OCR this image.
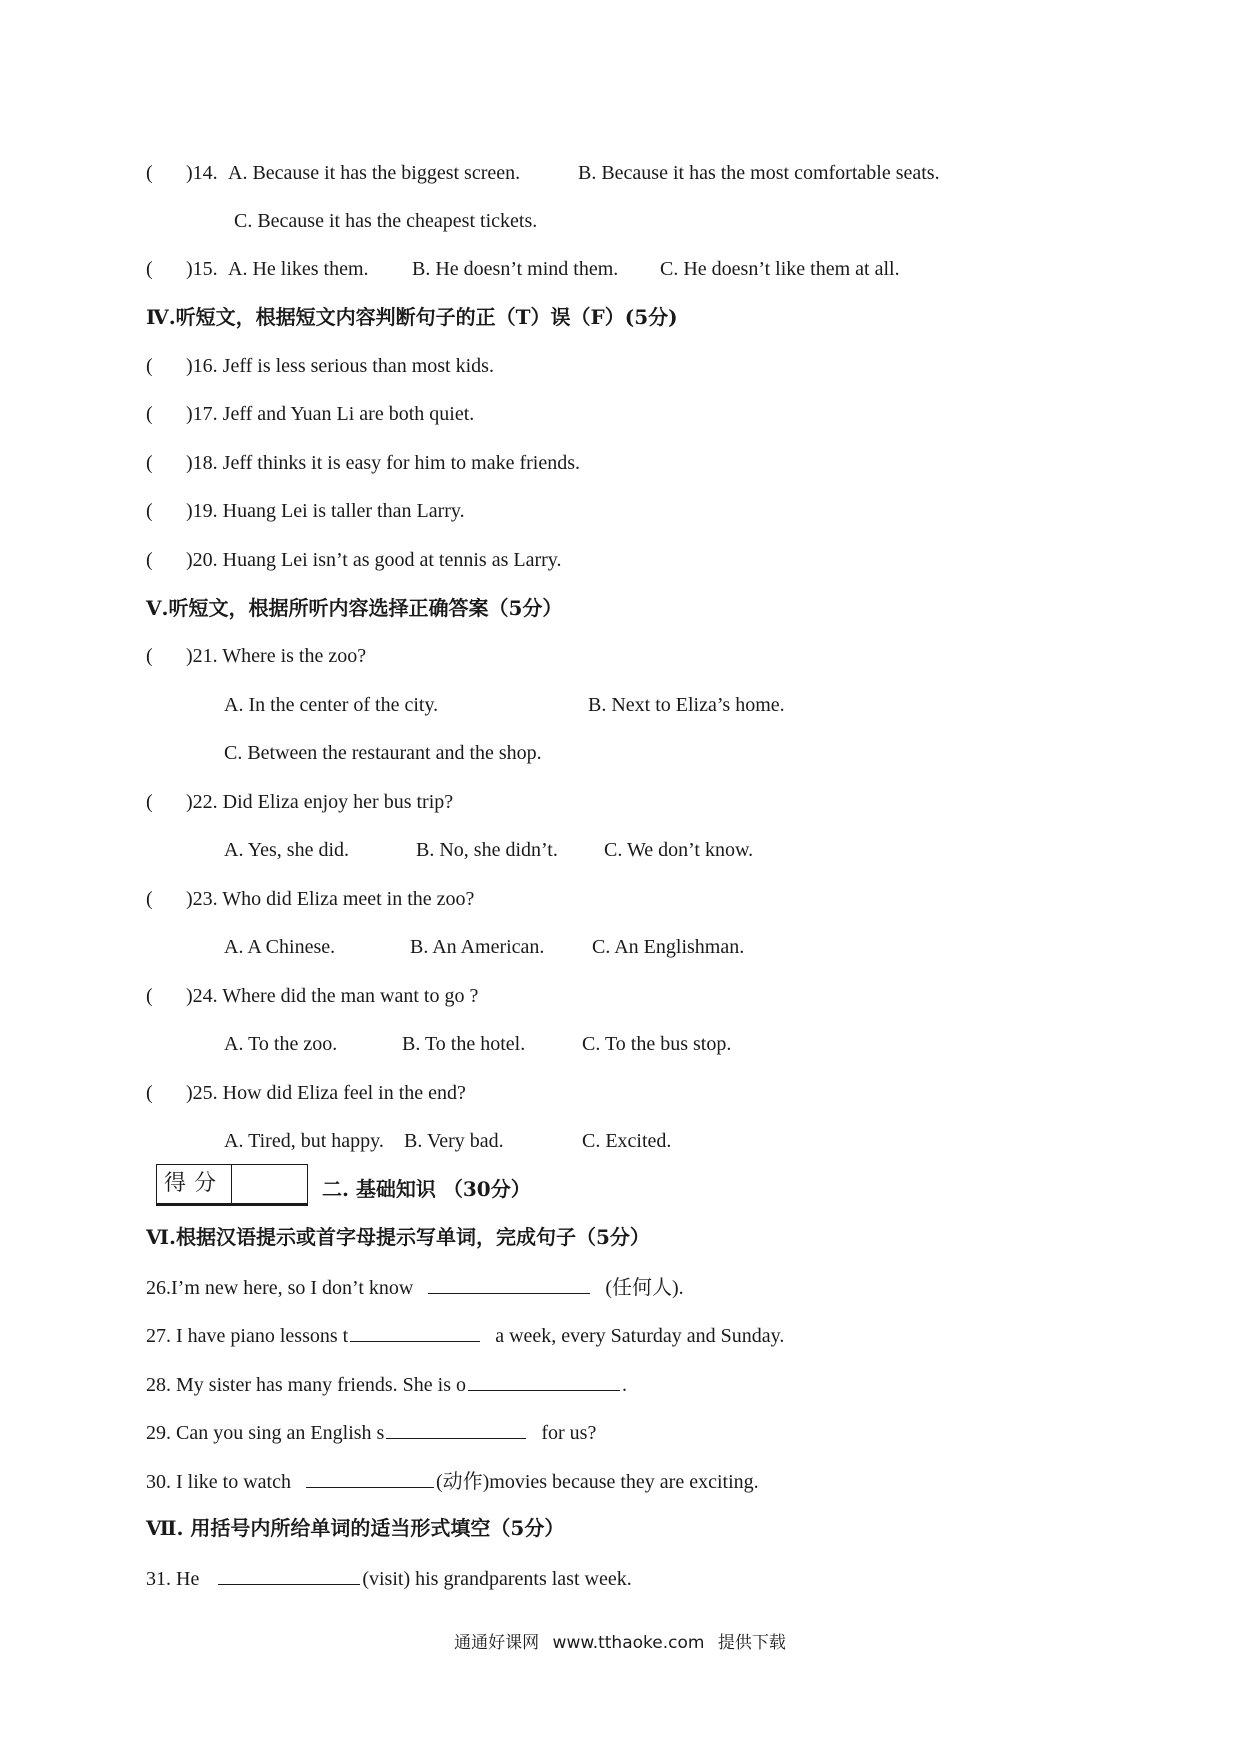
( )14. A. Because it has the biggest screen.	B. Because it has the most comfortable seats.
C. Because it has the cheapest tickets.
( )15. A. He likes them. B. He doesn’t mind them. C. He doesn’t like them at all.
Ⅳ.听短文，根据短文内容判断句子的正（T）误（F）(5分)
( )16. Jeff is less serious than most kids.
( )17. Jeff and Yuan Li are both quiet.
( )18. Jeff thinks it is easy for him to make friends.
( )19. Huang Lei is taller than Larry.
( )20. Huang Lei isn’t as good at tennis as Larry.
Ⅴ.听短文，根据所听内容选择正确答案（5分）
( )21. Where is the zoo?
A. In the center of the city.	B. Next to Eliza’s home.
C. Between the restaurant and the shop.
( )22. Did Eliza enjoy her bus trip?
A. Yes, she did.	B. No, she didn’t. C. We don’t know.
( )23. Who did Eliza meet in the zoo?
A. A Chinese.	B. An American. C. An Englishman.
( )24. Where did the man want to go ?
A. To the zoo.	B. To the hotel.	C. To the bus stop.
( )25. How did Eliza feel in the end?
A. Tired, but happy. B. Very bad.	C. Excited.
得分	二. 基础知识 （30分）
Ⅵ.根据汉语提示或首字母提示写单词，完成句子（5分）
26.I’m new here, so I don’t know	(任何人).
27. I have piano lessons t	a week, every Saturday and Sunday.
28. My sister has many friends. She is o	.
29. Can you sing an English s	for us?
30. I like to watch	(动作)movies because they are exciting.
Ⅶ. 用括号内所给单词的适当形式填空（5分）
31. He	(visit) his grandparents last week.
通通好课网 www.tthaoke.com 提供下载
